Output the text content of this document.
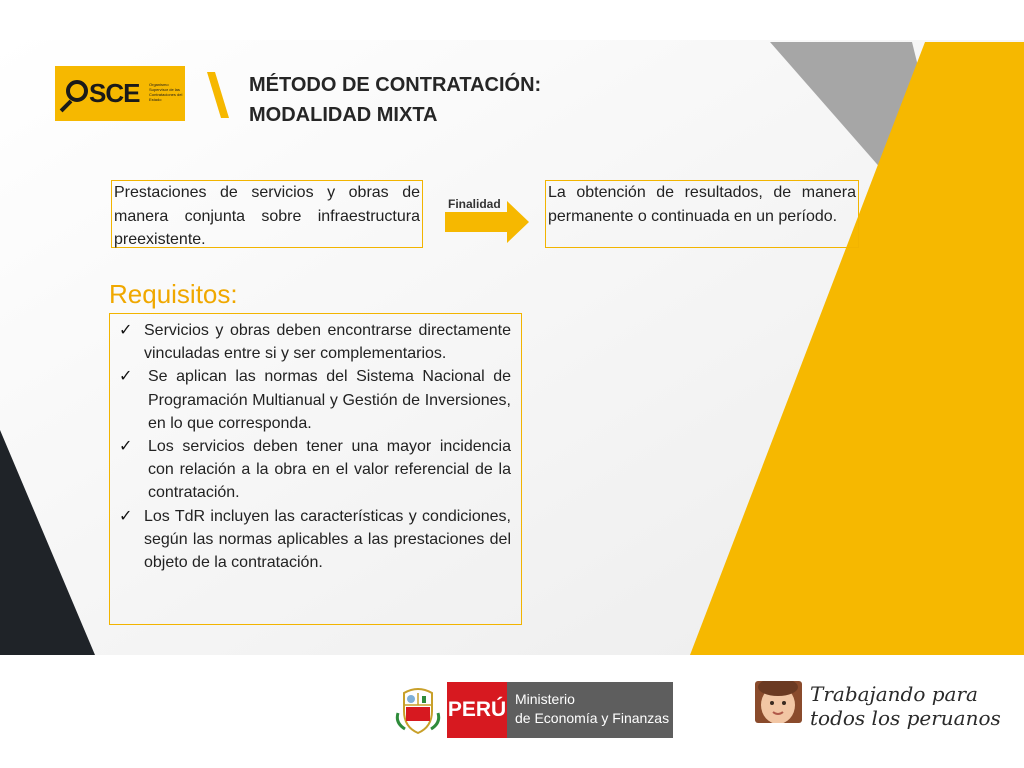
SCE Organismo Supervisor de las Contrataciones del Estado
MÉTODO DE CONTRATACIÓN:
MODALIDAD MIXTA
Prestaciones de servicios y obras de manera conjunta sobre infraestructura preexistente.
Finalidad
La obtención de resultados, de manera permanente o continuada en un período.
Requisitos:
✓ Servicios y obras deben encontrarse directamente vinculadas entre si y ser complementarios.
✓ Se aplican las normas del Sistema Nacional de Programación Multianual y Gestión de Inversiones, en lo que corresponda.
✓ Los servicios deben tener una mayor incidencia con relación a la obra en el valor referencial de la contratación.
✓ Los TdR incluyen las características y condiciones, según las normas aplicables a las prestaciones del objeto de la contratación.
PERÚ Ministerio
de Economía y Finanzas
Trabajando para
todos los peruanos
